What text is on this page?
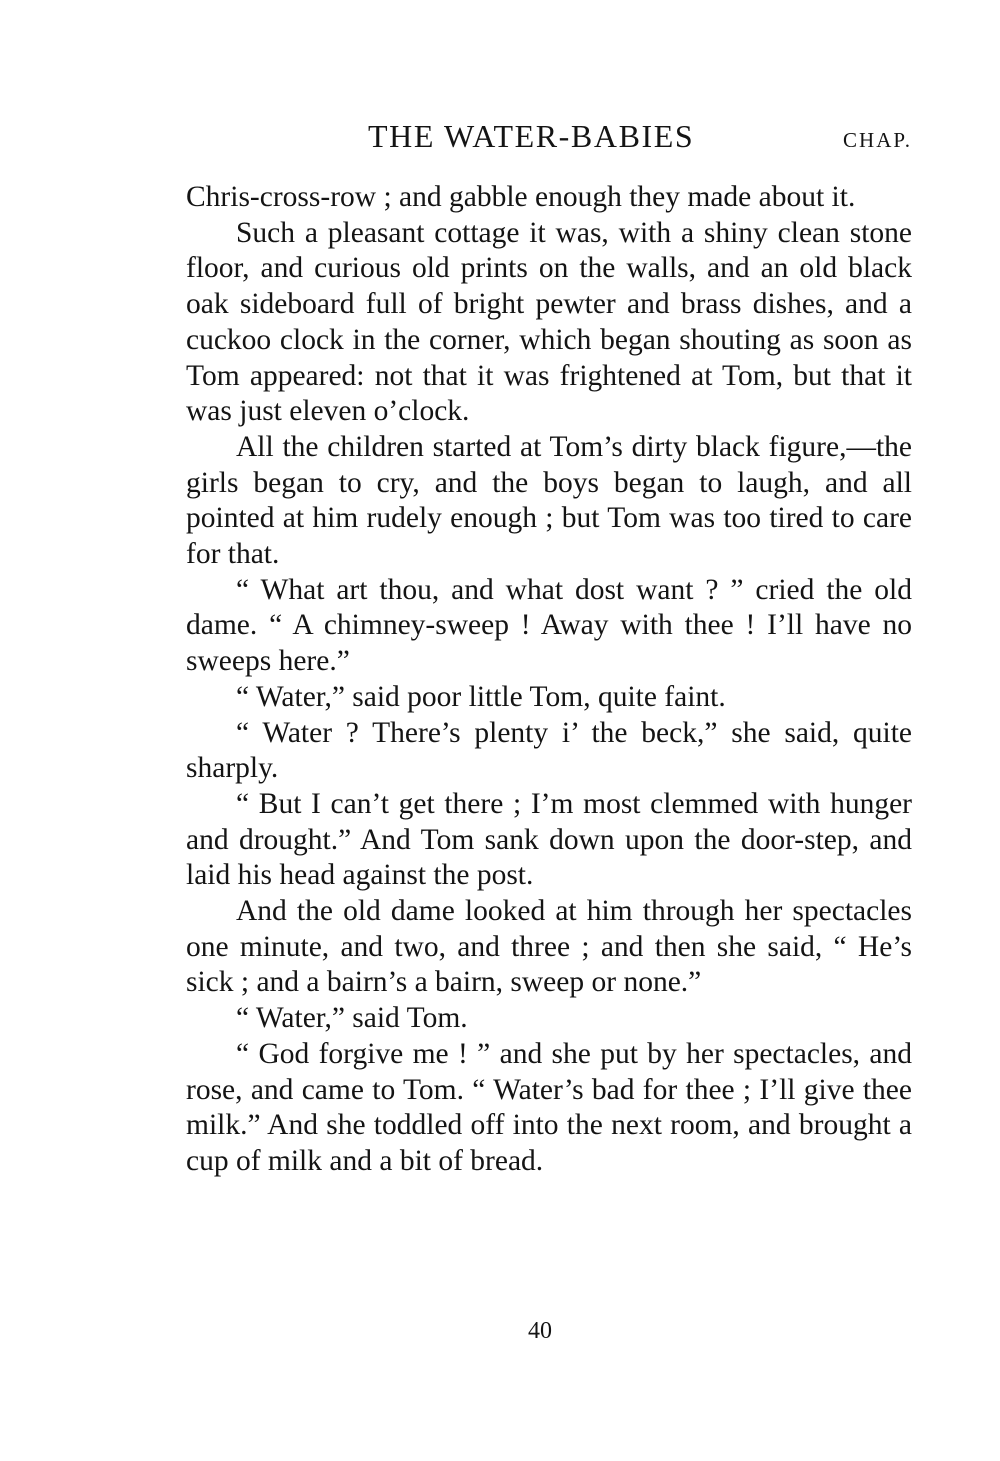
THE WATER-BABIES	CHAP.

Chris-cross-row ; and gabble enough they made about it.

Such a pleasant cottage it was, with a shiny clean stone floor, and curious old prints on the walls, and an old black oak sideboard full of bright pewter and brass dishes, and a cuckoo clock in the corner, which began shouting as soon as Tom appeared: not that it was frightened at Tom, but that it was just eleven o’clock.

All the children started at Tom’s dirty black figure,—the girls began to cry, and the boys began to laugh, and all pointed at him rudely enough ; but Tom was too tired to care for that.

“ What art thou, and what dost want ? ” cried the old dame. “ A chimney-sweep ! Away with thee ! I’ll have no sweeps here.”

“ Water,” said poor little Tom, quite faint.

“ Water ? There’s plenty i’ the beck,” she said, quite sharply.

“ But I can’t get there ; I’m most clemmed with hunger and drought.” And Tom sank down upon the door-step, and laid his head against the post.

And the old dame looked at him through her spectacles one minute, and two, and three ; and then she said, “ He’s sick ; and a bairn’s a bairn, sweep or none.”

“ Water,” said Tom.

“ God forgive me ! ” and she put by her spectacles, and rose, and came to Tom. “ Water’s bad for thee ; I’ll give thee milk.” And she toddled off into the next room, and brought a cup of milk and a bit of bread.

40
